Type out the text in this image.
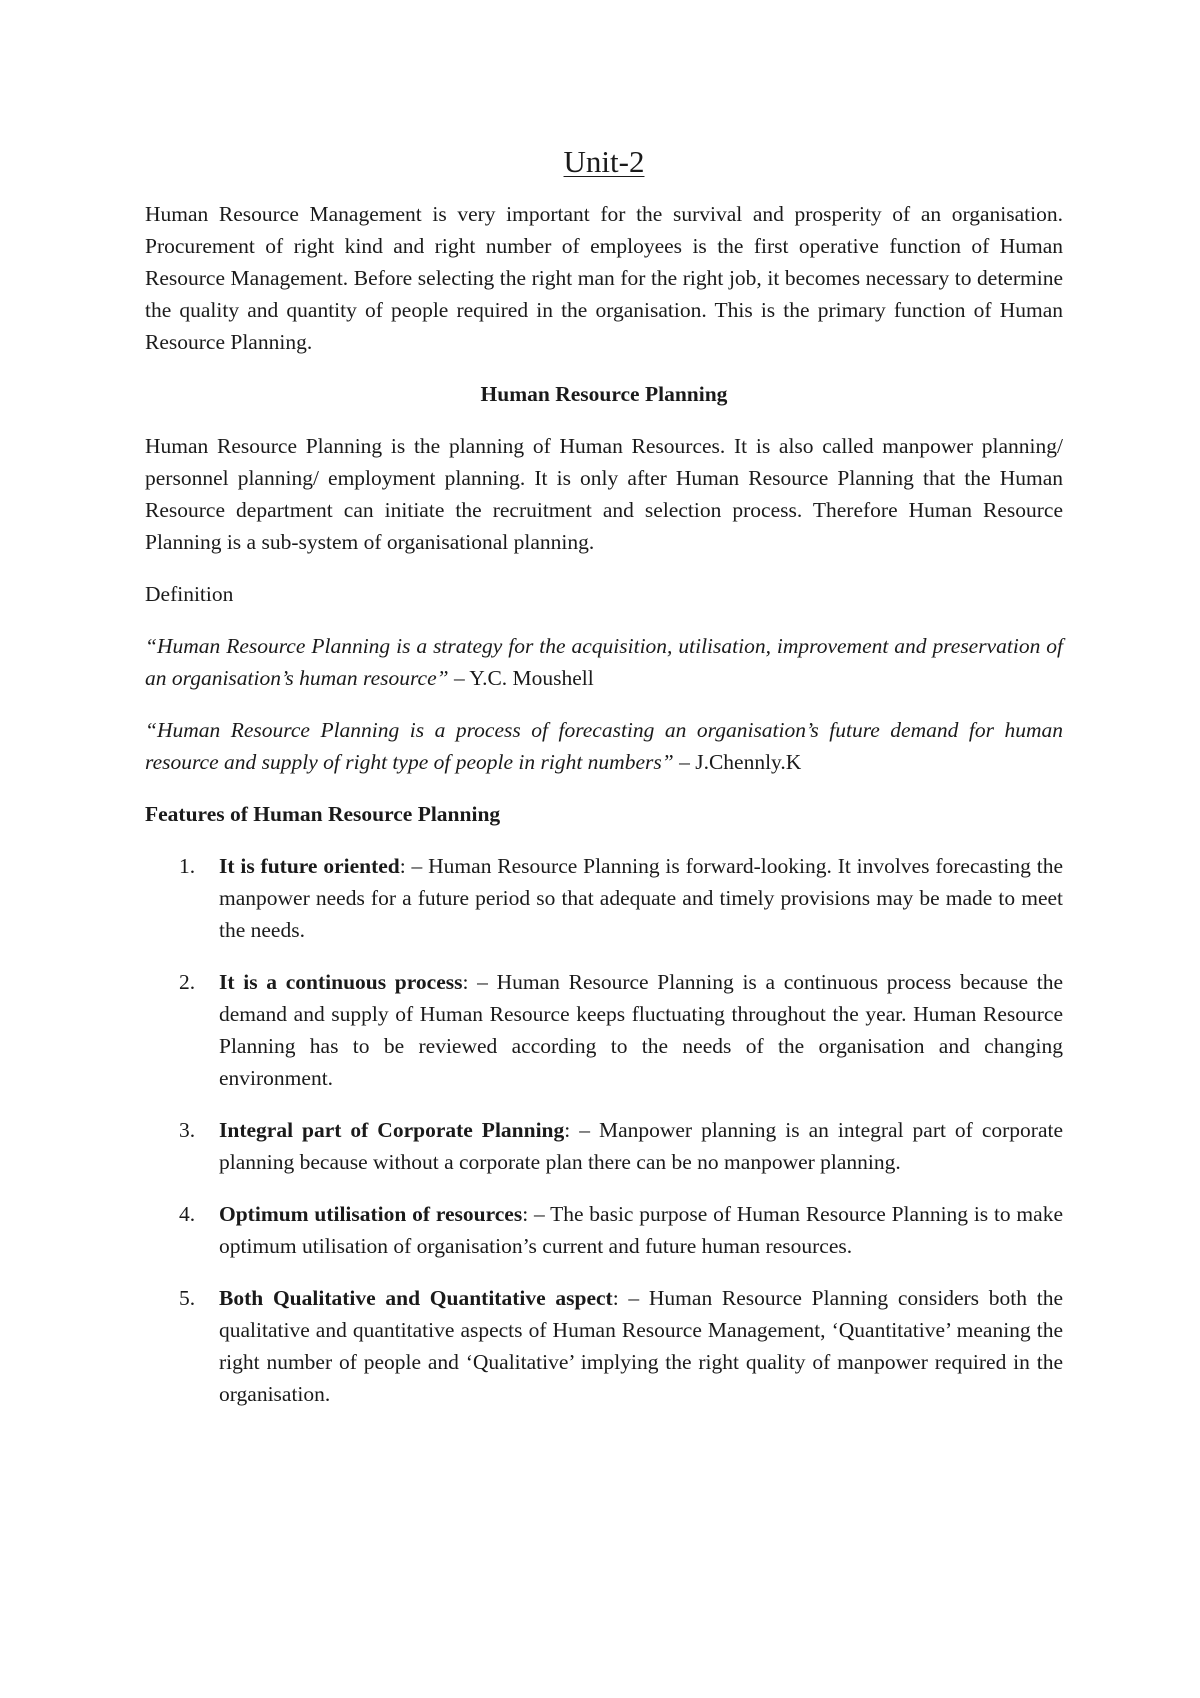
Unit-2

Human Resource Management is very important for the survival and prosperity of an organisation. Procurement of right kind and right number of employees is the first operative function of Human Resource Management. Before selecting the right man for the right job, it becomes necessary to determine the quality and quantity of people required in the organisation. This is the primary function of Human Resource Planning.

Human Resource Planning

Human Resource Planning is the planning of Human Resources. It is also called manpower planning/ personnel planning/ employment planning. It is only after Human Resource Planning that the Human Resource department can initiate the recruitment and selection process. Therefore Human Resource Planning is a sub-system of organisational planning.

Definition

“Human Resource Planning is a strategy for the acquisition, utilisation, improvement and preservation of an organisation’s human resource” – Y.C. Moushell

“Human Resource Planning is a process of forecasting an organisation’s future demand for human resource and supply of right type of people in right numbers” – J.Chennly.K

Features of Human Resource Planning
1. It is future oriented: – Human Resource Planning is forward-looking. It involves forecasting the manpower needs for a future period so that adequate and timely provisions may be made to meet the needs.
2. It is a continuous process: – Human Resource Planning is a continuous process because the demand and supply of Human Resource keeps fluctuating throughout the year. Human Resource Planning has to be reviewed according to the needs of the organisation and changing environment.
3. Integral part of Corporate Planning: – Manpower planning is an integral part of corporate planning because without a corporate plan there can be no manpower planning.
4. Optimum utilisation of resources: – The basic purpose of Human Resource Planning is to make optimum utilisation of organisation’s current and future human resources.
5. Both Qualitative and Quantitative aspect: – Human Resource Planning considers both the qualitative and quantitative aspects of Human Resource Management, ‘Quantitative’ meaning the right number of people and ‘Qualitative’ implying the right quality of manpower required in the organisation.
